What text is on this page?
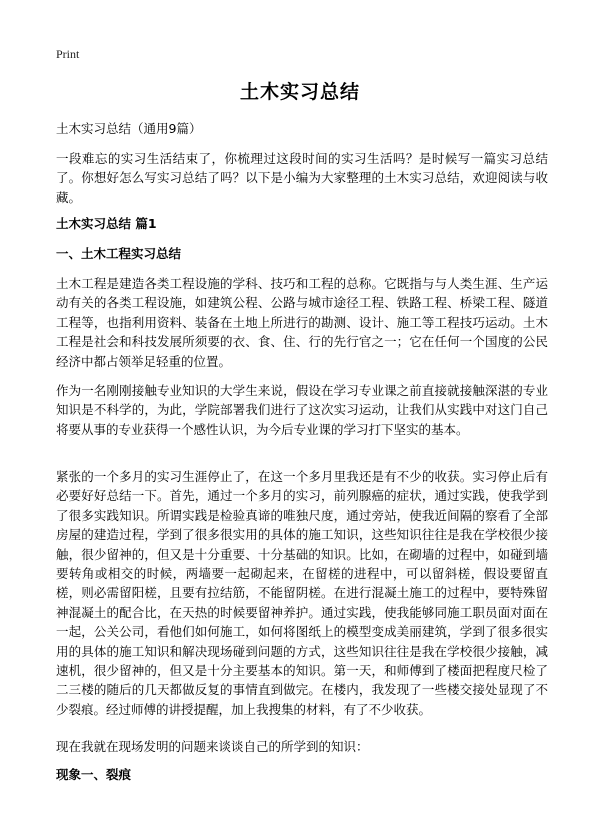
Print
土木实习总结
土木实习总结（通用9篇）

一段难忘的实习生活结束了，你梳理过这段时间的实习生活吗？是时候写一篇实习总结了。你想好怎么写实习总结了吗？以下是小编为大家整理的土木实习总结，欢迎阅读与收藏。

土木实习总结 篇1
一、土木工程实习总结

土木工程是建造各类工程设施的学科、技巧和工程的总称。它既指与与人类生涯、生产运动有关的各类工程设施，如建筑公程、公路与城市途径工程、铁路工程、桥梁工程、隧道工程等，也指利用资料、装备在土地上所进行的勘测、设计、施工等工程技巧运动。土木工程是社会和科技发展所须要的衣、食、住、行的先行官之一；它在任何一个国度的公民经济中都占领举足轻重的位置。

作为一名刚刚接触专业知识的大学生来说，假设在学习专业课之前直接就接触深湛的专业知识是不科学的，为此，学院部署我们进行了这次实习运动，让我们从实践中对这门自己将要从事的专业获得一个感性认识，为今后专业课的学习打下坚实的基本。

紧张的一个多月的实习生涯停止了，在这一个多月里我还是有不少的收获。实习停止后有必要好好总结一下。首先，通过一个多月的实习，前列腺癌的症状，通过实践，使我学到了很多实践知识。所谓实践是检验真谛的唯独尺度，通过旁站，使我近间隔的察看了全部房屋的建造过程，学到了很多很实用的具体的施工知识，这些知识往往是我在学校很少接触，很少留神的，但又是十分重要、十分基础的知识。比如，在砌墙的过程中，如碰到墙要转角或相交的时候，两墙要一起砌起来，在留槎的进程中，可以留斜槎，假设要留直槎，则必需留阳槎，且要有拉结筋，不能留阴槎。在进行混凝土施工的过程中，要特殊留神混凝土的配合比，在天热的时候要留神养护。通过实践，使我能够同施工职员面对面在一起，公关公司，看他们如何施工，如何将图纸上的模型变成美丽建筑，学到了很多很实用的具体的施工知识和解决现场碰到问题的方式，这些知识往往是我在学校很少接触，减速机，很少留神的，但又是十分主要基本的知识。第一天，和师傅到了楼面把程度尺检了二三楼的随后的几天都做反复的事情直到做完。在楼内，我发现了一些楼交接处显现了不少裂痕。经过师傅的讲授提醒，加上我搜集的材料，有了不少收获。

现在我就在现场发明的问题来谈谈自己的所学到的知识：

现象一、裂痕
